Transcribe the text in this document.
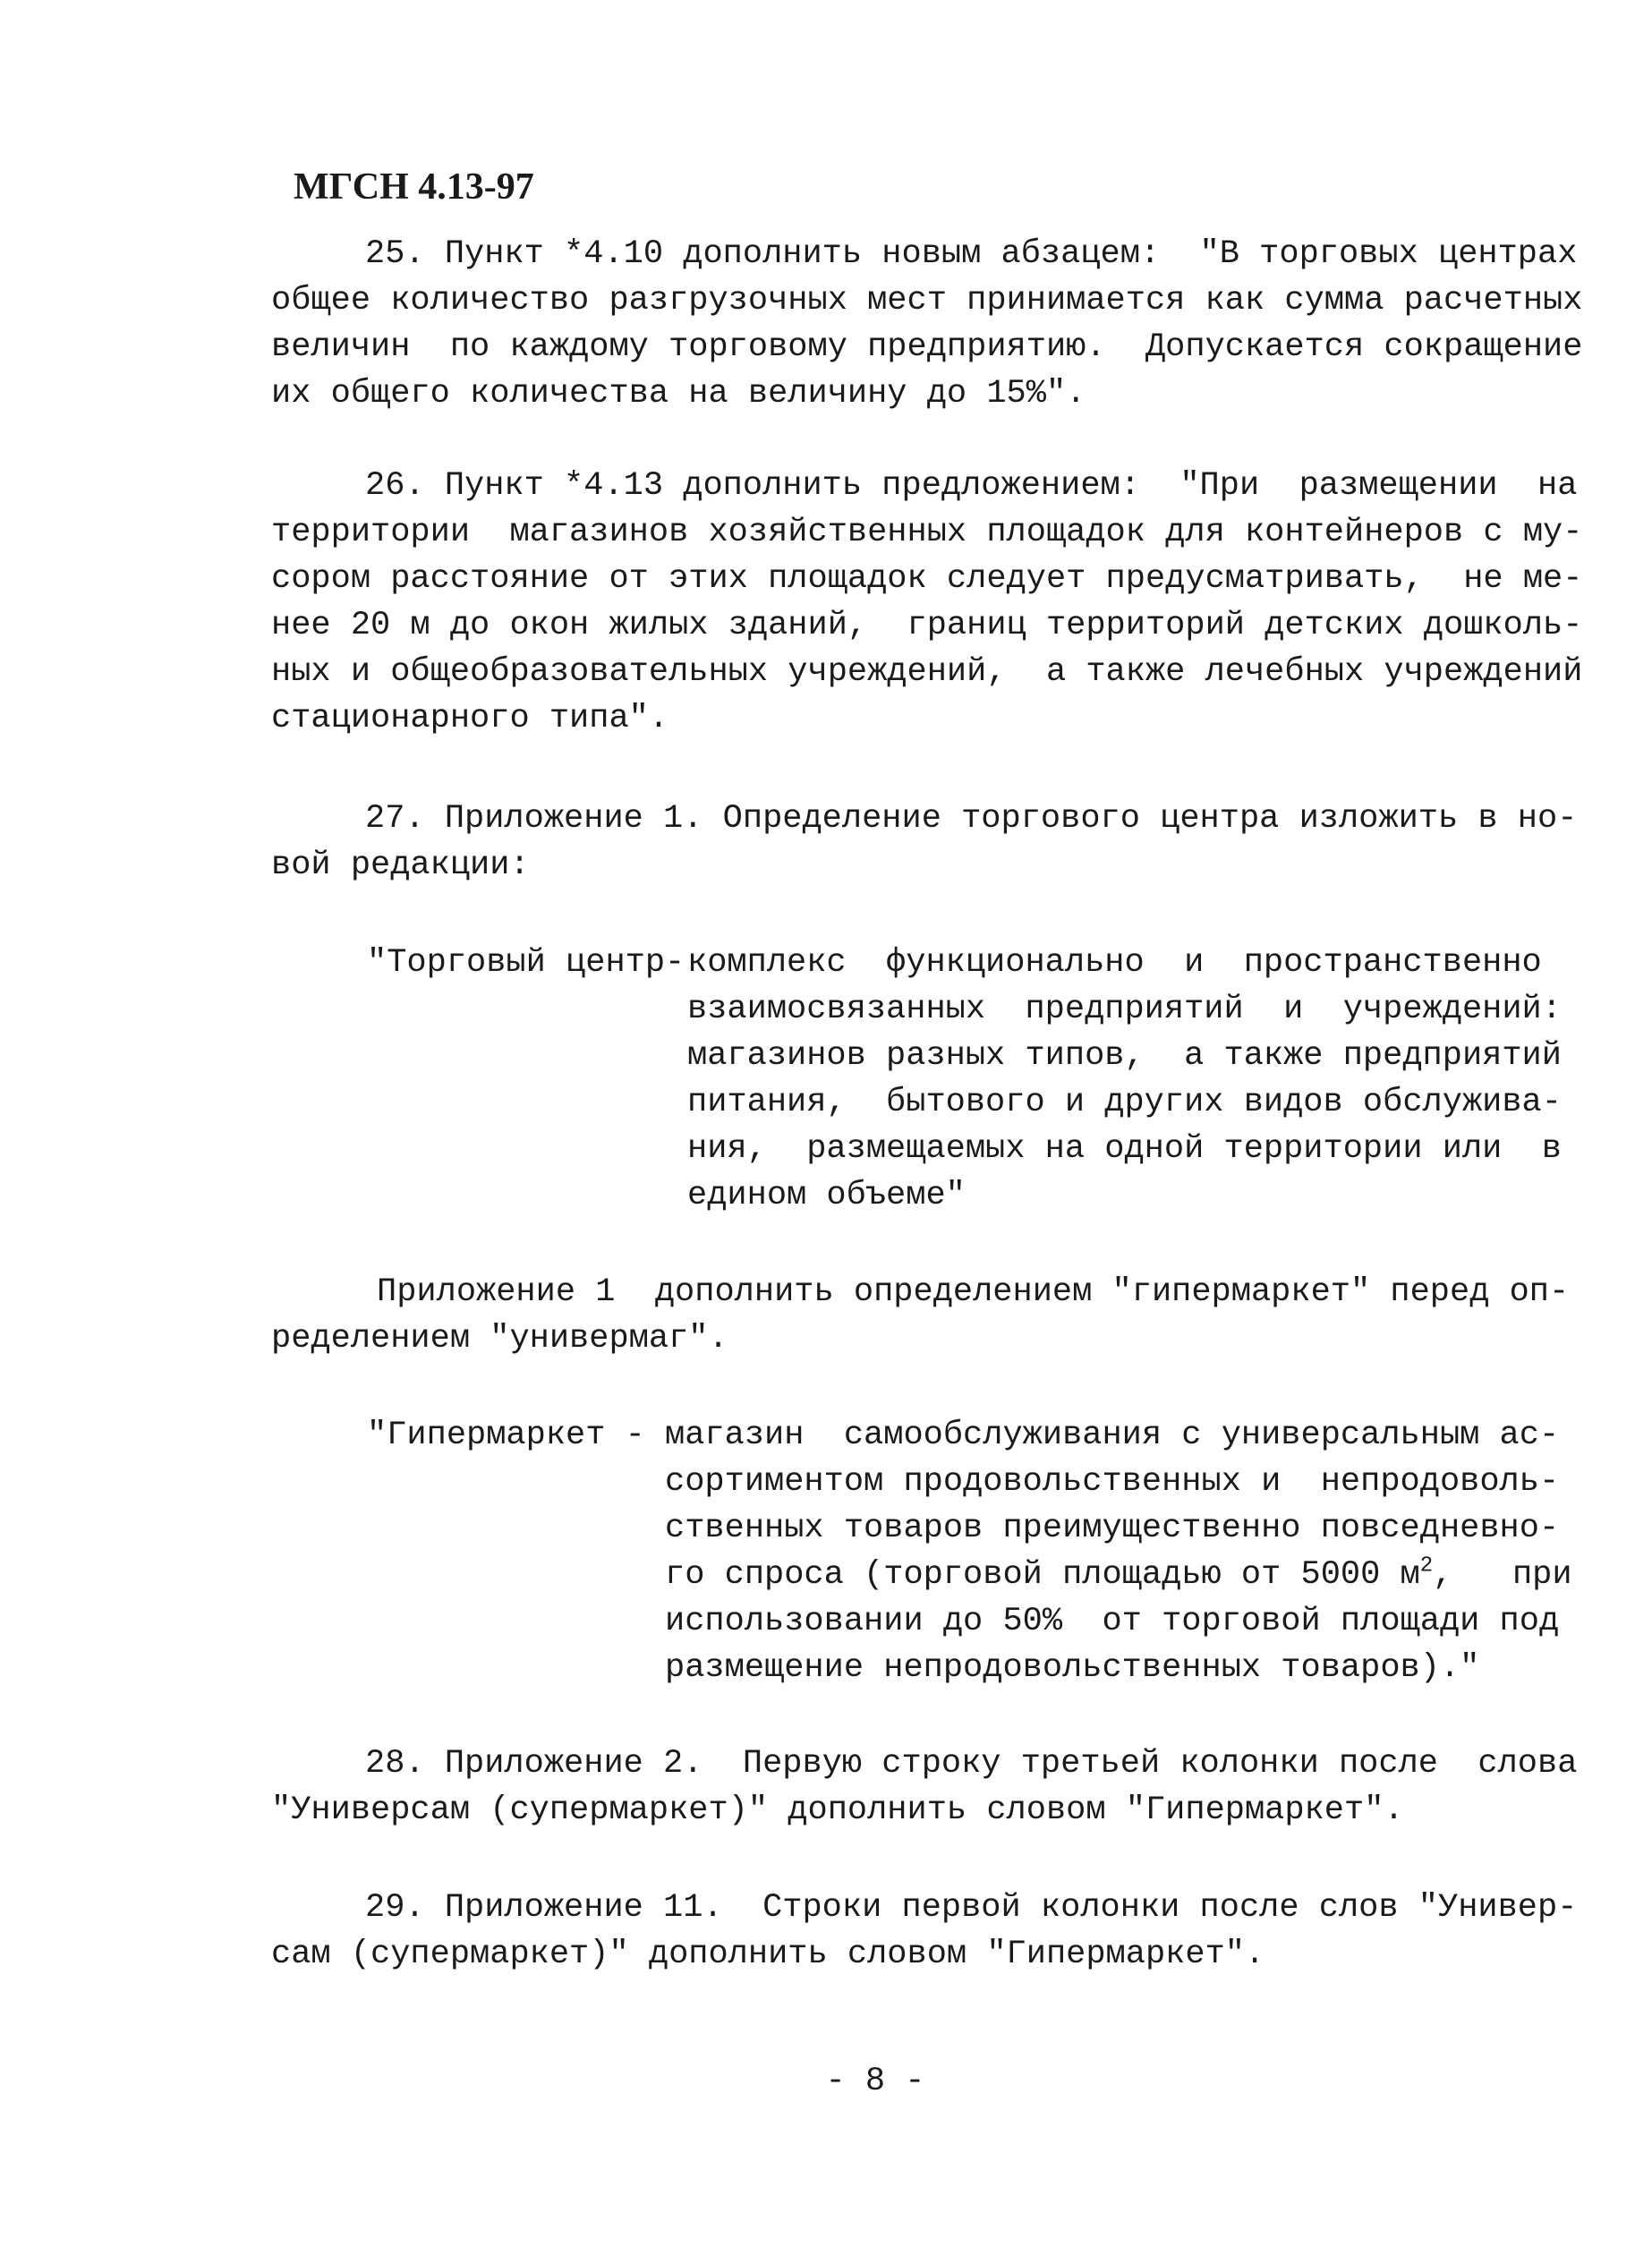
МГСН 4.13-97
25. Пункт *4.10 дополнить новым абзацем:  "В торговых центрах
общее количество разгрузочных мест принимается как сумма расчетных
величин  по каждому торговому предприятию.  Допускается сокращение
их общего количества на величину до 15%".
26. Пункт *4.13 дополнить предложением:  "При  размещении  на
территории  магазинов хозяйственных площадок для контейнеров с му-
сором расстояние от этих площадок следует предусматривать,  не ме-
нее 20 м до окон жилых зданий,  границ территорий детских дошколь-
ных и общеобразовательных учреждений,  а также лечебных учреждений
стационарного типа".
27. Приложение 1. Определение торгового центра изложить в но-
вой редакции:
"Торговый центр- комплекс  функционально  и  пространственно
взаимосвязанных  предприятий  и  учреждений:
магазинов разных типов,  а также предприятий
питания,  бытового и других видов обслужива-
ния,  размещаемых на одной территории или  в
едином объеме"
Приложение 1  дополнить определением "гипермаркет" перед оп-
ределением "универмаг".
"Гипермаркет - магазин  самообслуживания с универсальным ас-
сортиментом продовольственных и  непродоволь-
ственных товаров преимущественно повседневно-
го спроса (торговой площадью от 5000 $м^2$,   при
использовании до 50%  от торговой площади под
размещение непродовольственных товаров)."
28. Приложение 2.  Первую строку третьей колонки после  слова
"Универсам (супермаркет)" дополнить словом "Гипермаркет".
29. Приложение 11.  Строки первой колонки после слов "Универ-
сам (супермаркет)" дополнить словом "Гипермаркет".
- 8 -
